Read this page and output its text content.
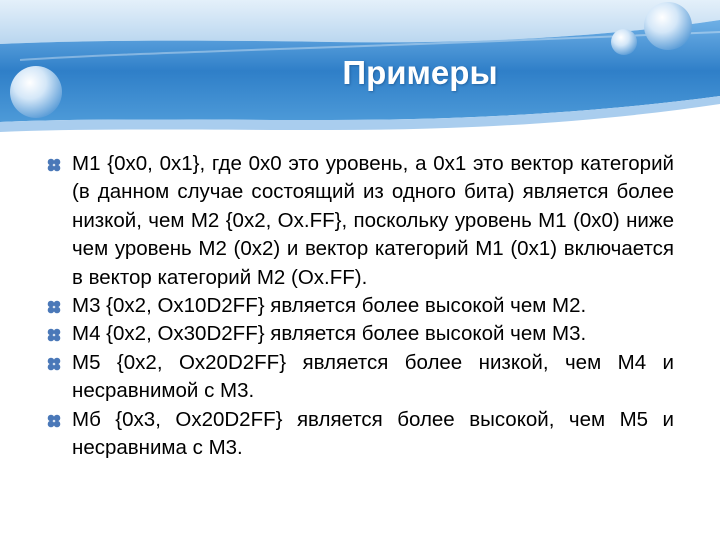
Примеры
М1 {0x0, 0x1}, где 0x0 это уровень, а 0x1 это вектор категорий (в данном случае состоящий из одного бита) является более низкой, чем М2 {0x2, Ox.FF}, поскольку уровень М1 (0x0) ниже чем уровень М2 (0x2) и вектор категорий М1 (0x1) включается в вектор категорий М2 (Ox.FF).
М3 {0x2, Ox10D2FF} является более высокой чем М2.
М4 {0x2, Ox30D2FF} является более высокой чем М3.
М5 {0x2, Ox20D2FF} является более низкой, чем М4 и несравнимой с М3.
Мб {0x3, Ox20D2FF} является более высокой, чем М5 и несравнима с М3.
